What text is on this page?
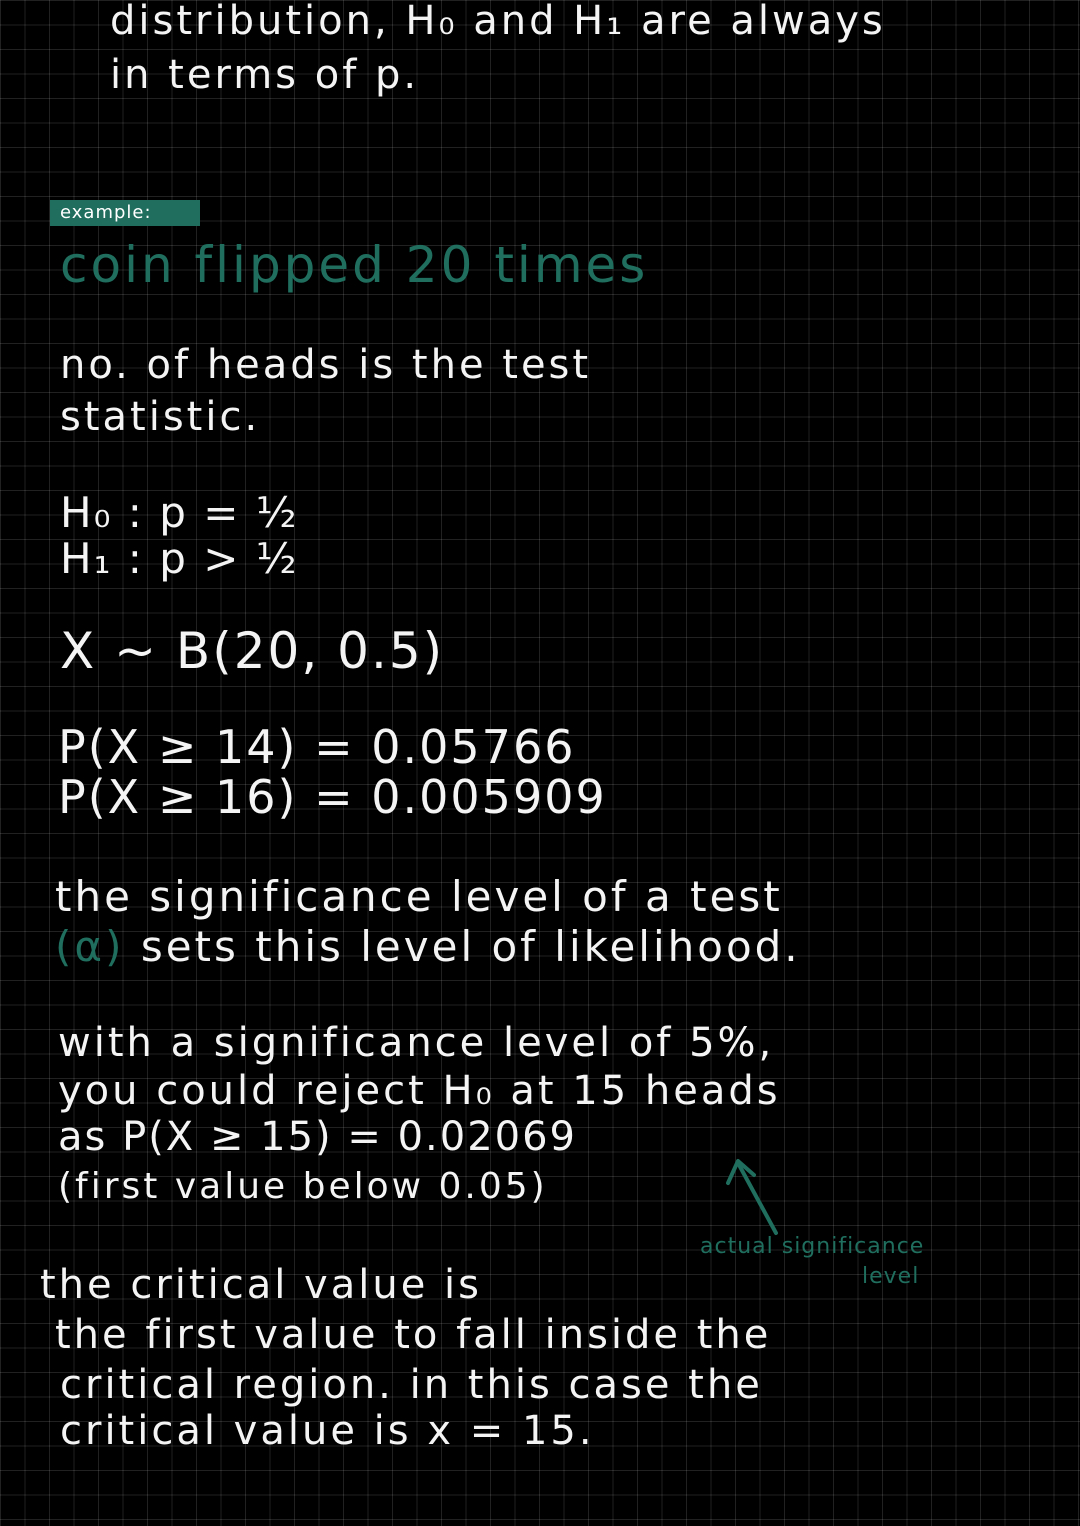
distribution, H₀ and H₁ are always
in terms of p.
example:
coin flipped 20 times
no. of heads is the test
statistic.
H₀ : p = ½
H₁ : p > ½
X ~ B(20, 0.5)
P(X ≥ 14) = 0.05766
P(X ≥ 16) = 0.005909
the significance level of a test
(α) sets this level of likelihood.
with a significance level of 5%,
you could reject H₀ at 15 heads
as P(X ≥ 15) = 0.02069
(first value below 0.05)
actual significance
level
the critical value is
the first value to fall inside the
critical region. in this case the
critical value is x = 15.
